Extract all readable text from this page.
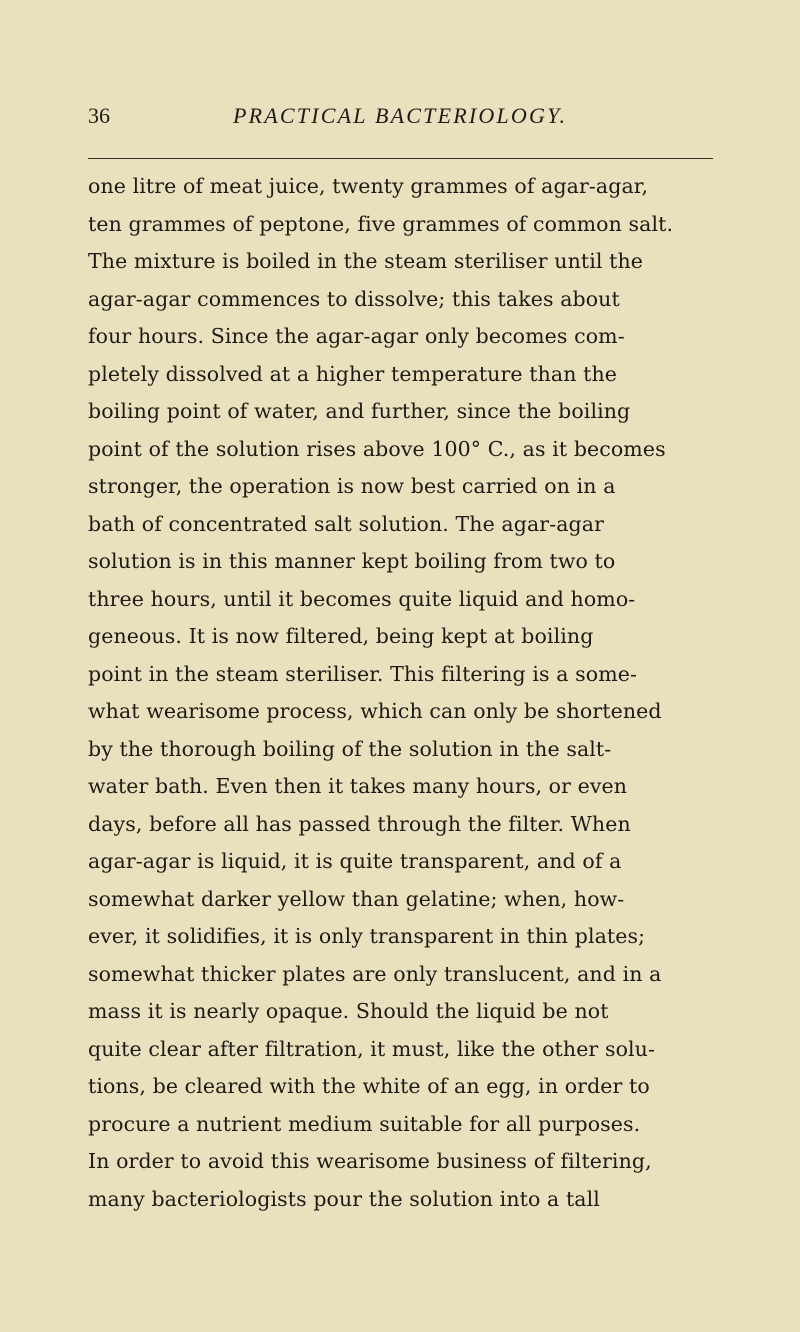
36	PRACTICAL BACTERIOLOGY.
one litre of meat juice, twenty grammes of agar-agar,
ten grammes of peptone, five grammes of common salt.
The mixture is boiled in the steam steriliser until the
agar-agar commences to dissolve; this takes about
four hours. Since the agar-agar only becomes com-
pletely dissolved at a higher temperature than the
boiling point of water, and further, since the boiling
point of the solution rises above 100° C., as it becomes
stronger, the operation is now best carried on in a
bath of concentrated salt solution. The agar-agar
solution is in this manner kept boiling from two to
three hours, until it becomes quite liquid and homo-
geneous. It is now filtered, being kept at boiling
point in the steam steriliser. This filtering is a some-
what wearisome process, which can only be shortened
by the thorough boiling of the solution in the salt-
water bath. Even then it takes many hours, or even
days, before all has passed through the filter. When
agar-agar is liquid, it is quite transparent, and of a
somewhat darker yellow than gelatine; when, how-
ever, it solidifies, it is only transparent in thin plates;
somewhat thicker plates are only translucent, and in a
mass it is nearly opaque. Should the liquid be not
quite clear after filtration, it must, like the other solu-
tions, be cleared with the white of an egg, in order to
procure a nutrient medium suitable for all purposes.
In order to avoid this wearisome business of filtering,
many bacteriologists pour the solution into a tall
